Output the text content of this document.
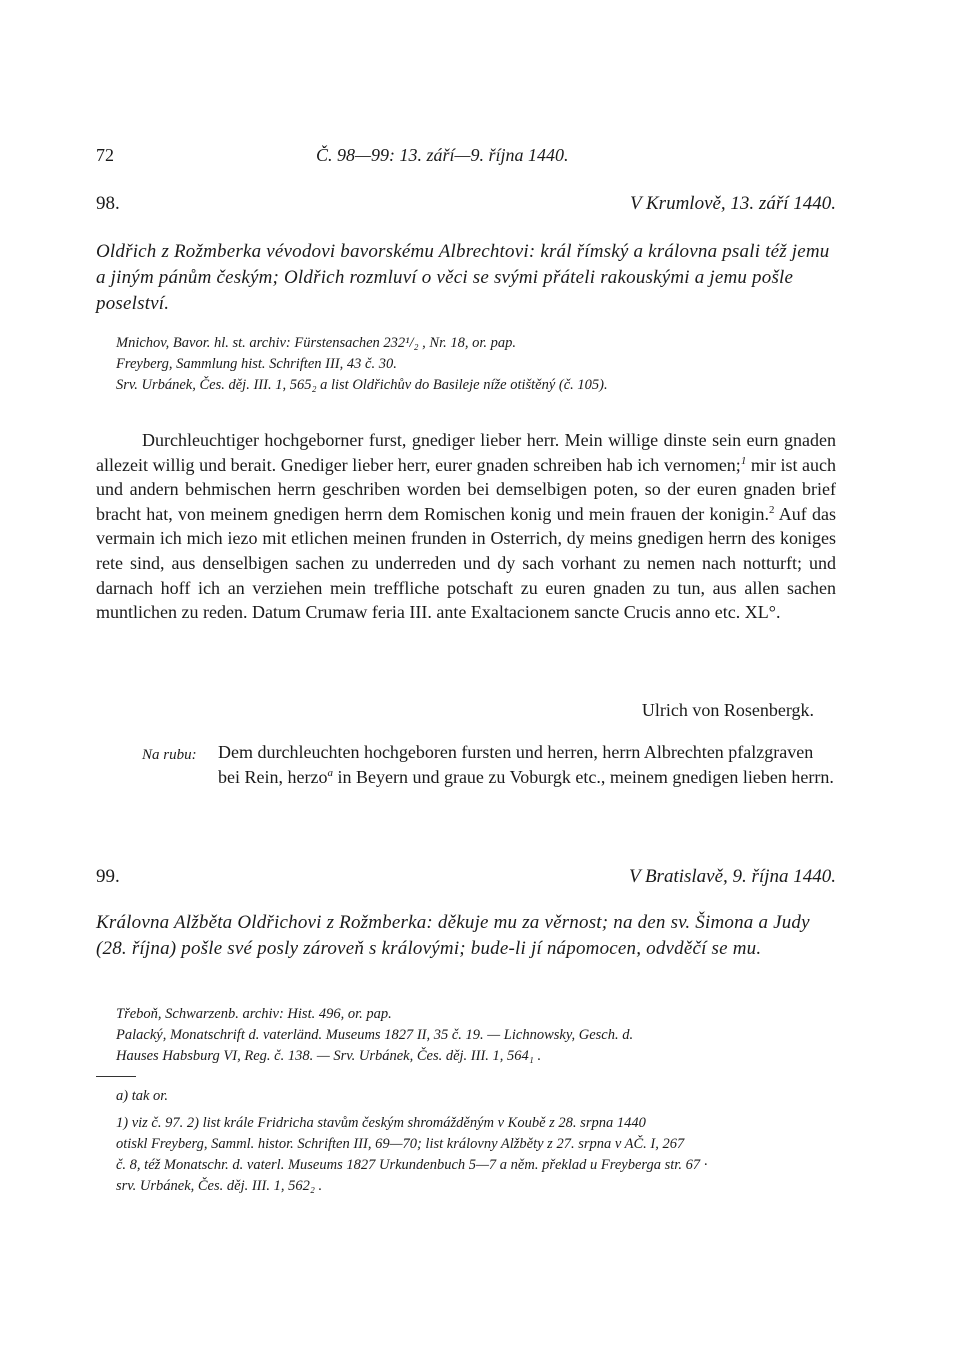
72	Č. 98—99: 13. září—9. října 1440.
98.	V Krumlově, 13. září 1440.
Oldřich z Rožmberka vévodovi bavorskému Albrechtovi: král římský a královna psali též jemu a jiným pánům českým; Oldřich rozmluví o věci se svými přáteli rakouskými a jemu pošle poselství.
Mnichov, Bavor. hl. st. archiv: Fürstensachen 232¹/₂ , Nr. 18, or. pap.
Freyberg, Sammlung hist. Schriften III, 43 č. 30.
Srv. Urbánek, Čes. děj. III. 1, 565₂ a list Oldřichův do Basileje níže otištěný (č. 105).
Durchleuchtiger hochgeborner furst, gnediger lieber herr. Mein willige dinste sein eurn gnaden allezeit willig und berait. Gnediger lieber herr, eurer gnaden schreiben hab ich vernomen;$^1$ mir ist auch und andern behmischen herrn geschriben worden bei demselbigen poten, so der euren gnaden brief bracht hat, von meinem gnedigen herrn dem Romischen konig und mein frauen der konigin.$^2$ Auf das vermain ich mich iezo mit etlichen meinen frunden in Osterrich, dy meins gnedigen herrn des koniges rete sind, aus denselbigen sachen zu underreden und dy sach vorhant zu nemen nach notturft; und darnach hoff ich an verziehen mein treffliche potschaft zu euren gnaden zu tun, aus allen sachen muntlichen zu reden. Datum Crumaw feria III. ante Exaltacionem sancte Crucis anno etc. XL°.
Ulrich von Rosenbergk.
Na rubu: Dem durchleuchten hochgeboren fursten und herren, herrn Albrechten pfalzgraven bei Rein, herzo$^a$ in Beyern und graue zu Voburgk etc., meinem gnedigen lieben herrn.
99.	V Bratislavě, 9. října 1440.
Královna Alžběta Oldřichovi z Rožmberka: děkuje mu za věrnost; na den sv. Šimona a Judy (28. října) pošle své posly zároveň s královými; bude-li jí nápomocen, odvděčí se mu.
Třeboň, Schwarzenb. archiv: Hist. 496, or. pap.
Palacký, Monatschrift d. vaterländ. Museums 1827 II, 35 č. 19. — Lichnowsky, Gesch. d.
Hauses Habsburg VI, Reg. č. 138. — Srv. Urbánek, Čes. děj. III. 1, 564₁ .
a) tak or.
1) viz č. 97. 2) list krále Fridricha stavům českým shromážděným v Koubě z 28. srpna 1440
otiskl Freyberg, Samml. histor. Schriften III, 69—70; list královny Alžběty z 27. srpna v AČ. I, 267
č. 8, též Monatschr. d. vaterl. Museums 1827 Urkundenbuch 5—7 a něm. překlad u Freyberga str. 67 ·
srv. Urbánek, Čes. děj. III. 1, 562₂ .
